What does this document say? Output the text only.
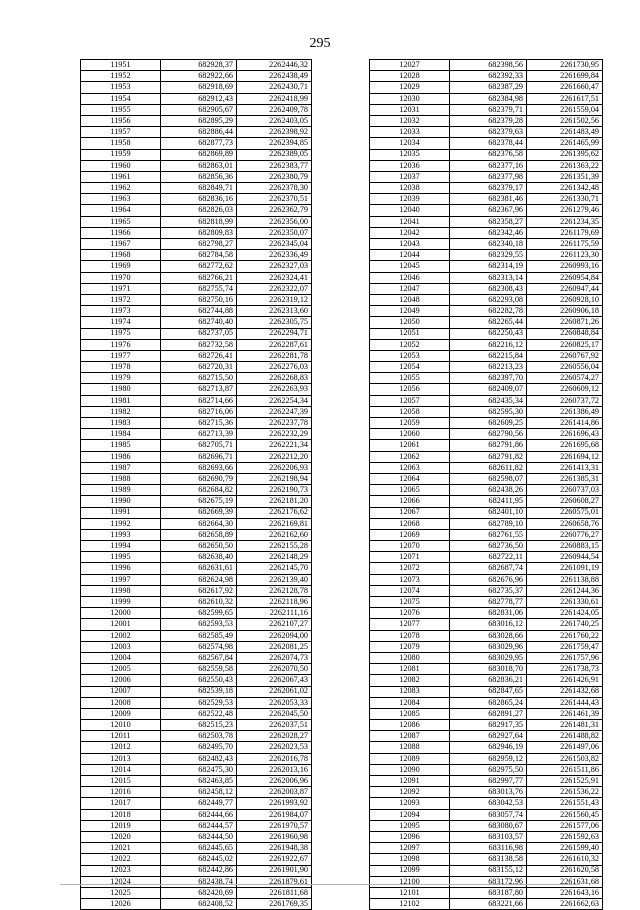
295
11951	682928,37	2262446,32
11952	682922,66	2262438,49
11953	682918,69	2262430,71
11954	682912,43	2262418,99
11955	682905,67	2262409,78
11956	682895,29	2262403,05
11957	682886,44	2262398,92
11958	682877,73	2262394,85
11959	682869,89	2262389,05
11960	682863,01	2262383,77
11961	682856,36	2262380,79
11962	682849,71	2262378,30
11963	682836,16	2262370,51
11964	682826,03	2262362,79
11965	682818,99	2262356,00
11966	682809,83	2262350,07
11967	682798,27	2262345,04
11968	682784,58	2262336,49
11969	682772,62	2262327,03
11970	682766,21	2262324,41
11971	682755,74	2262322,07
11972	682750,16	2262319,12
11973	682744,88	2262313,60
11974	682740,40	2262305,75
11975	682737,05	2262294,71
11976	682732,58	2262287,61
11977	682726,41	2262281,78
11978	682720,31	2262276,03
11979	682715,50	2262268,83
11980	682713,87	2262263,93
11981	682714,66	2262254,34
11982	682716,06	2262247,39
11983	682715,36	2262237,78
11984	682713,39	2262232,29
11985	682705,71	2262221,34
11986	682696,71	2262212,20
11987	682693,66	2262206,93
11988	682690,79	2262198,94
11989	682684,82	2262190,73
11990	682675,19	2262181,20
11991	682669,39	2262176,62
11992	682664,30	2262169,81
11993	682658,89	2262162,60
11994	682650,50	2262155,28
11995	682638,40	2262148,29
11996	682631,61	2262145,70
11997	682624,98	2262139,40
11998	682617,92	2262128,78
11999	682610,32	2262118,96
12000	682599,65	2262111,16
12001	682593,53	2262107,27
12002	682585,49	2262094,00
12003	682574,98	2262081,25
12004	682567,84	2262074,73
12005	682559,58	2262070,50
12006	682550,43	2262067,43
12007	682539,18	2262061,02
12008	682529,53	2262053,33
12009	682522,48	2262045,50
12010	682515,23	2262037,51
12011	682503,78	2262028,27
12012	682495,70	2262023,53
12013	682482,43	2262016,78
12014	682475,30	2262013,16
12015	682463,85	2262006,96
12016	682458,12	2262003,87
12017	682449,77	2261993,92
12018	682444,66	2261984,07
12019	682444,57	2261970,57
12020	682444,50	2261960,98
12021	682445,65	2261948,38
12022	682445,02	2261922,67
12023	682442,86	2261901,90
12024	682438,74	2261879,61
12025	682420,69	2261811,68
12026	682408,52	2261769,35
12027	682398,56	2261730,95
12028	682392,33	2261699,84
12029	682387,29	2261660,47
12030	682384,98	2261617,51
12031	682379,71	2261559,04
12032	682379,28	2261502,56
12033	682379,63	2261483,49
12034	682378,44	2261465,99
12035	682376,58	2261395,62
12036	682377,16	2261363,22
12037	682377,98	2261351,39
12038	682379,17	2261342,48
12039	682381,46	2261330,71
12040	682367,96	2261279,46
12041	682358,27	2261234,35
12042	682342,46	2261179,69
12043	682340,18	2261175,59
12044	682329,55	2261123,30
12045	682314,19	2260993,16
12046	682313,14	2260954,84
12047	682308,43	2260947,44
12048	682293,08	2260928,10
12049	682282,78	2260906,18
12050	682265,44	2260871,26
12051	682250,43	2260848,84
12052	682216,12	2260825,17
12053	682215,84	2260767,92
12054	682213,23	2260556,04
12055	682397,70	2260574,27
12056	682409,07	2260609,12
12057	682435,34	2260737,72
12058	682595,30	2261386,49
12059	682609,25	2261414,86
12060	682790,56	2261696,43
12061	682791,86	2261695,68
12062	682791,82	2261694,12
12063	682611,82	2261413,31
12064	682598,07	2261385,31
12065	682438,26	2260737,03
12066	682411,95	2260608,27
12067	682401,10	2260575,01
12068	682789,10	2260658,76
12069	682761,55	2260776,27
12070	682736,50	2260883,15
12071	682722,11	2260944,54
12072	682687,74	2261091,19
12073	682676,96	2261138,88
12074	682735,37	2261244,36
12075	682778,77	2261330,61
12076	682831,06	2261424,05
12077	683016,12	2261740,25
12078	683028,66	2261760,22
12079	683029,96	2261759,47
12080	683029,95	2261757,96
12081	683018,70	2261738,73
12082	682836,21	2261426,91
12083	682847,65	2261432,68
12084	682865,24	2261444,43
12085	682891,27	2261461,39
12086	682917,35	2261481,31
12087	682927,64	2261488,82
12088	682946,19	2261497,06
12089	682959,12	2261503,82
12090	682975,50	2261511,86
12091	682997,77	2261525,91
12092	683013,76	2261536,22
12093	683042,53	2261551,43
12094	683057,74	2261560,45
12095	683080,67	2261577,06
12096	683103,57	2261592,63
12097	683116,98	2261599,40
12098	683138,58	2261610,32
12099	683155,12	2261620,58
12100	683172,96	2261631,68
12101	683187,80	2261643,16
12102	683221,66	2261662,63
